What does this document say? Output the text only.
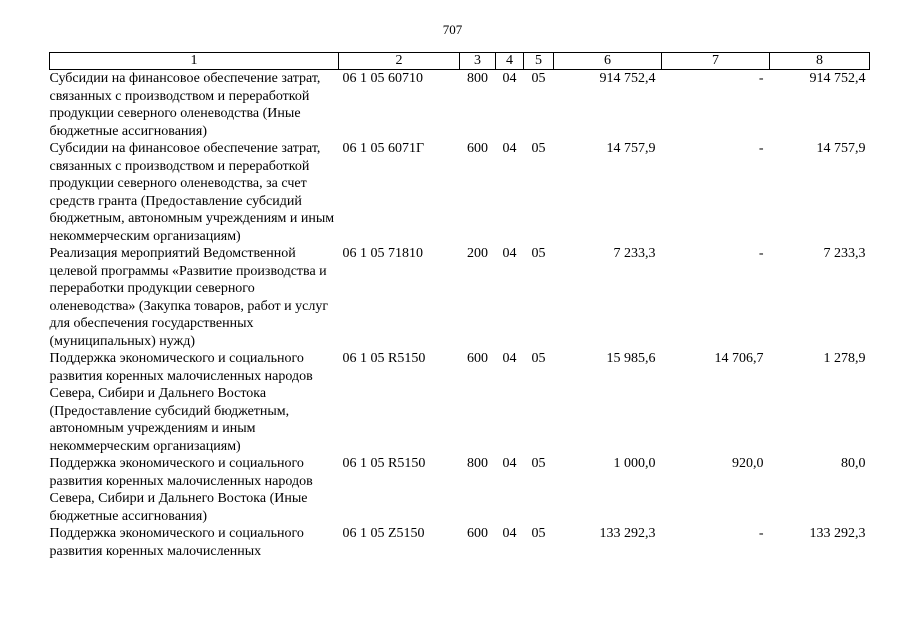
707
1	2	3	4	5	6	7	8
Субсидии на финансовое обеспечение затрат, связанных с производством и переработкой продукции северного оленеводства (Иные бюджетные ассигнования)	06 1 05 60710	800	04	05	914 752,4	-	914 752,4
Субсидии на финансовое обеспечение затрат, связанных с производством и переработкой продукции северного оленеводства, за счет средств гранта (Предоставление субсидий бюджетным, автономным учреждениям и иным некоммерческим организациям)	06 1 05 6071Г	600	04	05	14 757,9	-	14 757,9
Реализация мероприятий Ведомственной целевой программы «Развитие производства и переработки продукции северного оленеводства» (Закупка товаров, работ и услуг для обеспечения государственных (муниципальных) нужд)	06 1 05 71810	200	04	05	7 233,3	-	7 233,3
Поддержка экономического и социального развития коренных малочисленных народов Севера, Сибири и Дальнего Востока (Предоставление субсидий бюджетным, автономным учреждениям и иным некоммерческим организациям)	06 1 05 R5150	600	04	05	15 985,6	14 706,7	1 278,9
Поддержка экономического и социального развития коренных малочисленных народов Севера, Сибири и Дальнего Востока (Иные бюджетные ассигнования)	06 1 05 R5150	800	04	05	1 000,0	920,0	80,0
Поддержка экономического и социального развития коренных малочисленных	06 1 05 Z5150	600	04	05	133 292,3	-	133 292,3
